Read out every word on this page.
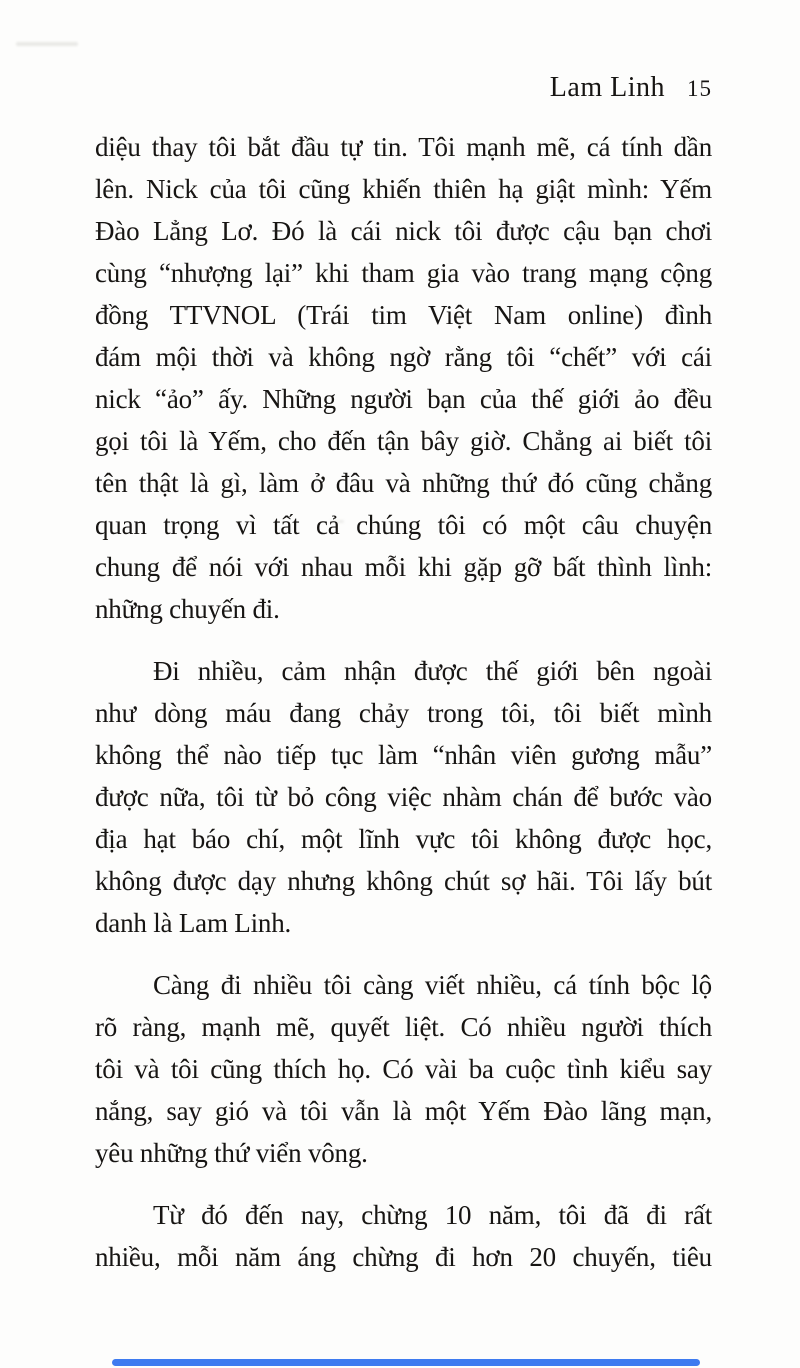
Lam Linh 15
diệu thay tôi bắt đầu tự tin. Tôi mạnh mẽ, cá tính dần
lên. Nick của tôi cũng khiến thiên hạ giật mình: Yếm
Đào Lẳng Lơ. Đó là cái nick tôi được cậu bạn chơi
cùng “nhượng lại” khi tham gia vào trang mạng cộng
đồng TTVNOL (Trái tim Việt Nam online) đình
đám mội thời và không ngờ rằng tôi “chết” với cái
nick “ảo” ấy. Những người bạn của thế giới ảo đều
gọi tôi là Yếm, cho đến tận bây giờ. Chẳng ai biết tôi
tên thật là gì, làm ở đâu và những thứ đó cũng chẳng
quan trọng vì tất cả chúng tôi có một câu chuyện
chung để nói với nhau mỗi khi gặp gỡ bất thình lình:
những chuyến đi.
Đi nhiều, cảm nhận được thế giới bên ngoài
như dòng máu đang chảy trong tôi, tôi biết mình
không thể nào tiếp tục làm “nhân viên gương mẫu”
được nữa, tôi từ bỏ công việc nhàm chán để bước vào
địa hạt báo chí, một lĩnh vực tôi không được học,
không được dạy nhưng không chút sợ hãi. Tôi lấy bút
danh là Lam Linh.
Càng đi nhiều tôi càng viết nhiều, cá tính bộc lộ
rõ ràng, mạnh mẽ, quyết liệt. Có nhiều người thích
tôi và tôi cũng thích họ. Có vài ba cuộc tình kiểu say
nắng, say gió và tôi vẫn là một Yếm Đào lãng mạn,
yêu những thứ viển vông.
Từ đó đến nay, chừng 10 năm, tôi đã đi rất
nhiều, mỗi năm áng chừng đi hơn 20 chuyến, tiêu
